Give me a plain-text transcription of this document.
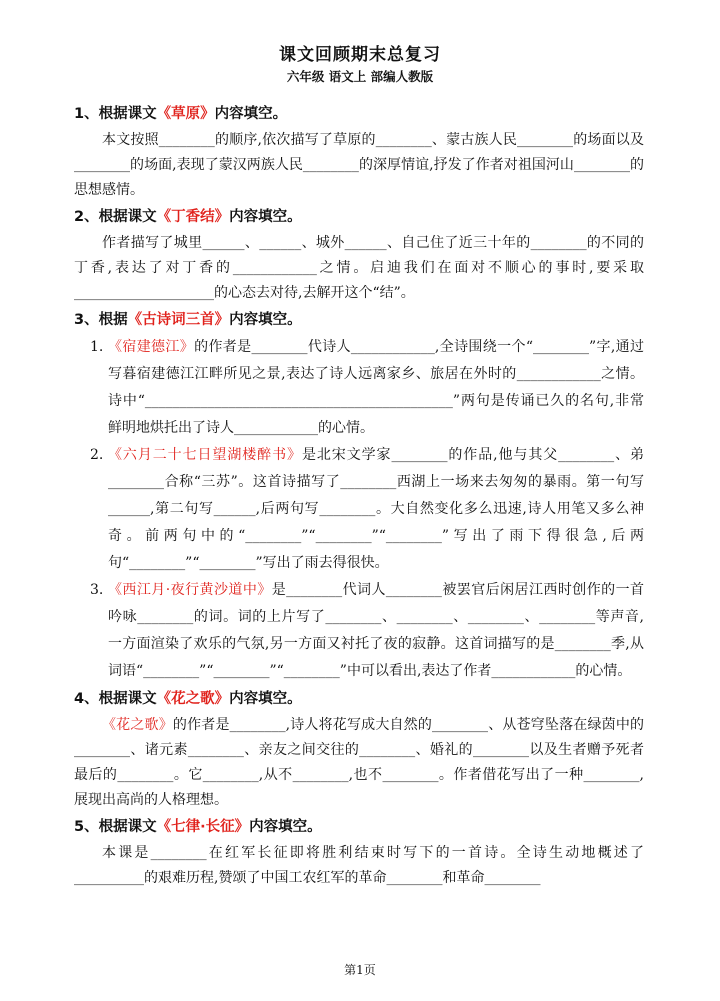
课文回顾期末总复习
六年级 语文上 部编人教版
1、根据课文《草原》内容填空。
本文按照________的顺序,依次描写了草原的________、蒙古族人民________的场面以及________的场面,表现了蒙汉两族人民________的深厚情谊,抒发了作者对祖国河山________的思想感情。
2、根据课文《丁香结》内容填空。
作者描写了城里______、______、城外______、自己住了近三十年的________的不同的丁香,表达了对丁香的____________之情。启迪我们在面对不顺心的事时,要采取____________________的心态去对待,去解开这个“结”。
3、根据《古诗词三首》内容填空。
1. 《宿建德江》的作者是________代诗人____________,全诗围绕一个“________”字,通过写暮宿建德江江畔所见之景,表达了诗人远离家乡、旅居在外时的____________之情。诗中“____________________________________________”两句是传诵已久的名句,非常鲜明地烘托出了诗人____________的心情。
2. 《六月二十七日望湖楼醉书》是北宋文学家________的作品,他与其父________、弟________合称“三苏”。这首诗描写了________西湖上一场来去匆匆的暴雨。第一句写______,第二句写______,后两句写________。大自然变化多么迅速,诗人用笔又多么神奇。前两句中的“________”“________”“________”写出了雨下得很急,后两句“________”“________”写出了雨去得很快。
3. 《西江月·夜行黄沙道中》是________代词人________被罢官后闲居江西时创作的一首吟咏________的词。词的上片写了________、________、________、________等声音,一方面渲染了欢乐的气氛,另一方面又衬托了夜的寂静。这首词描写的是________季,从词语“________”“________”“________”中可以看出,表达了作者____________的心情。
4、根据课文《花之歌》内容填空。
《花之歌》的作者是________,诗人将花写成大自然的________、从苍穹坠落在绿茵中的________、诸元素________、亲友之间交往的________、婚礼的________以及生者赠予死者最后的________。它________,从不________,也不________。作者借花写出了一种________,展现出高尚的人格理想。
5、根据课文《七律·长征》内容填空。
本课是________在红军长征即将胜利结束时写下的一首诗。全诗生动地概述了__________的艰难历程,赞颂了中国工农红军的革命________和革命________
第1页
